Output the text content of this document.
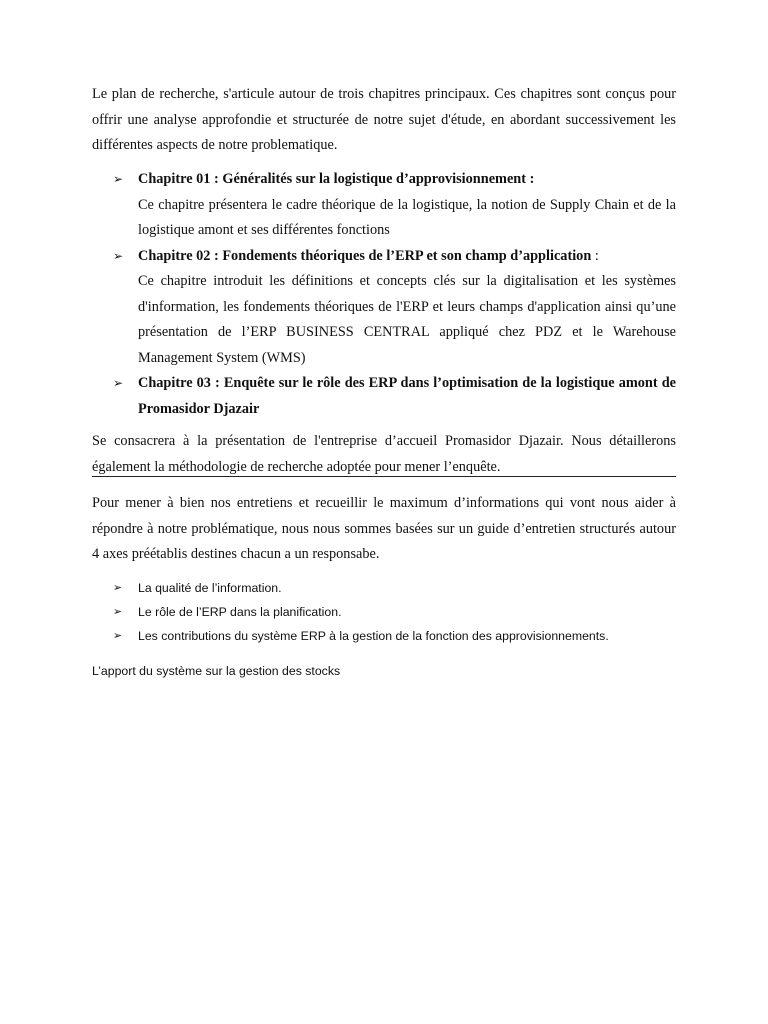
Le plan de recherche, s'articule autour de trois chapitres principaux. Ces chapitres sont conçus pour offrir une analyse approfondie et structurée de notre sujet d'étude, en abordant successivement les différentes aspects de notre problematique.

➢ Chapitre 01 : Généralités sur la logistique d’approvisionnement :
Ce chapitre présentera le cadre théorique de la logistique, la notion de Supply Chain et de la logistique amont et ses différentes fonctions
➢ Chapitre 02 : Fondements théoriques de l’ERP et son champ d’application :
Ce chapitre introduit les définitions et concepts clés sur la digitalisation et les systèmes d'information, les fondements théoriques de l'ERP et leurs champs d'application ainsi qu’une présentation de l’ERP BUSINESS CENTRAL appliqué chez PDZ et le Warehouse Management System (WMS)
➢ Chapitre 03 : Enquête sur le rôle des ERP dans l’optimisation de la logistique amont de Promasidor Djazair

Se consacrera à la présentation de l'entreprise d’accueil Promasidor Djazair. Nous détaillerons également la méthodologie de recherche adoptée pour mener l’enquête.

Pour mener à bien nos entretiens et recueillir le maximum d’informations qui vont nous aider à répondre à notre problématique, nous nous sommes basées sur un guide d’entretien structurés autour 4 axes préétablis destines chacun a un responsabe.

➢ La qualité de l’information.
➢ Le rôle de l’ERP dans la planification.
➢ Les contributions du système ERP à la gestion de la fonction des approvisionnements.

L’apport du système sur la gestion des stocks
